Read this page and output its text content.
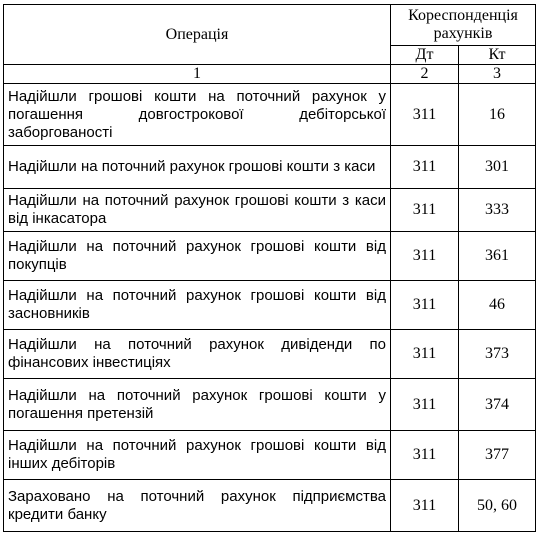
Операція	Кореспонденція рахунків	
	Дт	Кт
1	2	3
Надійшли грошові кошти на поточний рахунок у погашення довгострокової дебіторської заборгованості	311	16
Надійшли на поточний рахунок грошові кошти з каси	311	301
Надійшли на поточний рахунок грошові кошти з каси від інкасатора	311	333
Надійшли на поточний рахунок грошові кошти від покупців	311	361
Надійшли на поточний рахунок грошові кошти від засновників	311	46
Надійшли на поточний рахунок дивіденди по фінансових інвестиціях	311	373
Надійшли на поточний рахунок грошові кошти у погашення претензій	311	374
Надійшли на поточний рахунок грошові кошти від інших дебіторів	311	377
Зараховано на поточний рахунок підприємства кредити банку	311	50, 60
